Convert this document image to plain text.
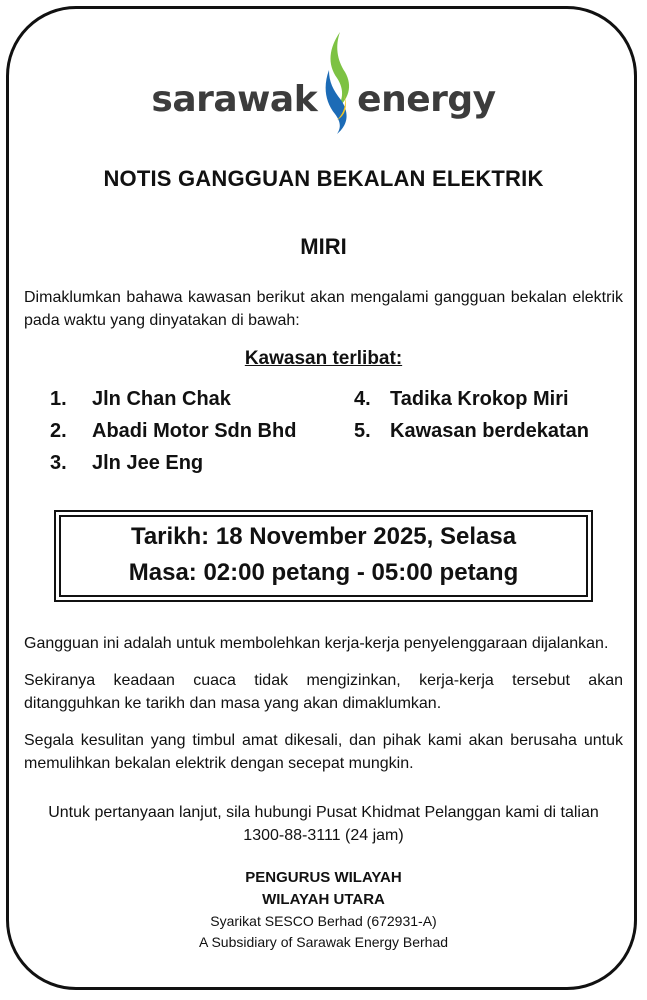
sarawak energy
NOTIS GANGGUAN BEKALAN ELEKTRIK
MIRI

Dimaklumkan bahawa kawasan berikut akan mengalami gangguan bekalan elektrik pada waktu yang dinyatakan di bawah:

Kawasan terlibat:
1.	Jln Chan Chak
2.	Abadi Motor Sdn Bhd
3.	Jln Jee Eng
4. Tadika Krokop Miri
5. Kawasan berdekatan
Tarikh: 18 November 2025, Selasa
Masa: 02:00 petang - 05:00 petang

Gangguan ini adalah untuk membolehkan kerja-kerja penyelenggaraan dijalankan.

Sekiranya keadaan cuaca tidak mengizinkan, kerja-kerja tersebut akan ditangguhkan ke tarikh dan masa yang akan dimaklumkan.

Segala kesulitan yang timbul amat dikesali, dan pihak kami akan berusaha untuk memulihkan bekalan elektrik dengan secepat mungkin.

Untuk pertanyaan lanjut, sila hubungi Pusat Khidmat Pelanggan kami di talian
1300-88-3111 (24 jam)
PENGURUS WILAYAH
WILAYAH UTARA
Syarikat SESCO Berhad (672931-A)
A Subsidiary of Sarawak Energy Berhad
